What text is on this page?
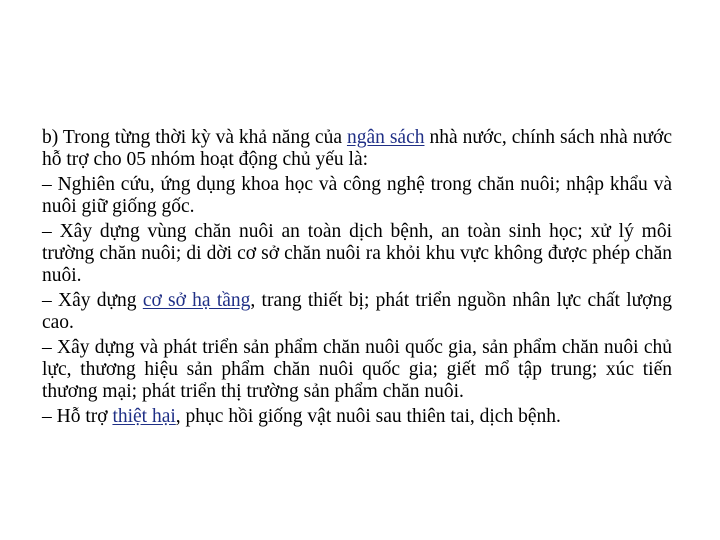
b) Trong từng thời kỳ và khả năng của ngân sách nhà nước, chính sách nhà nước hỗ trợ cho 05 nhóm hoạt động chủ yếu là:

– Nghiên cứu, ứng dụng khoa học và công nghệ trong chăn nuôi; nhập khẩu và nuôi giữ giống gốc.

– Xây dựng vùng chăn nuôi an toàn dịch bệnh, an toàn sinh học; xử lý môi trường chăn nuôi; di dời cơ sở chăn nuôi ra khỏi khu vực không được phép chăn nuôi.

– Xây dựng cơ sở hạ tầng, trang thiết bị; phát triển nguồn nhân lực chất lượng cao.

– Xây dựng và phát triển sản phẩm chăn nuôi quốc gia, sản phẩm chăn nuôi chủ lực, thương hiệu sản phẩm chăn nuôi quốc gia; giết mổ tập trung; xúc tiến thương mại; phát triển thị trường sản phẩm chăn nuôi.

– Hỗ trợ thiệt hại, phục hồi giống vật nuôi sau thiên tai, dịch bệnh.
